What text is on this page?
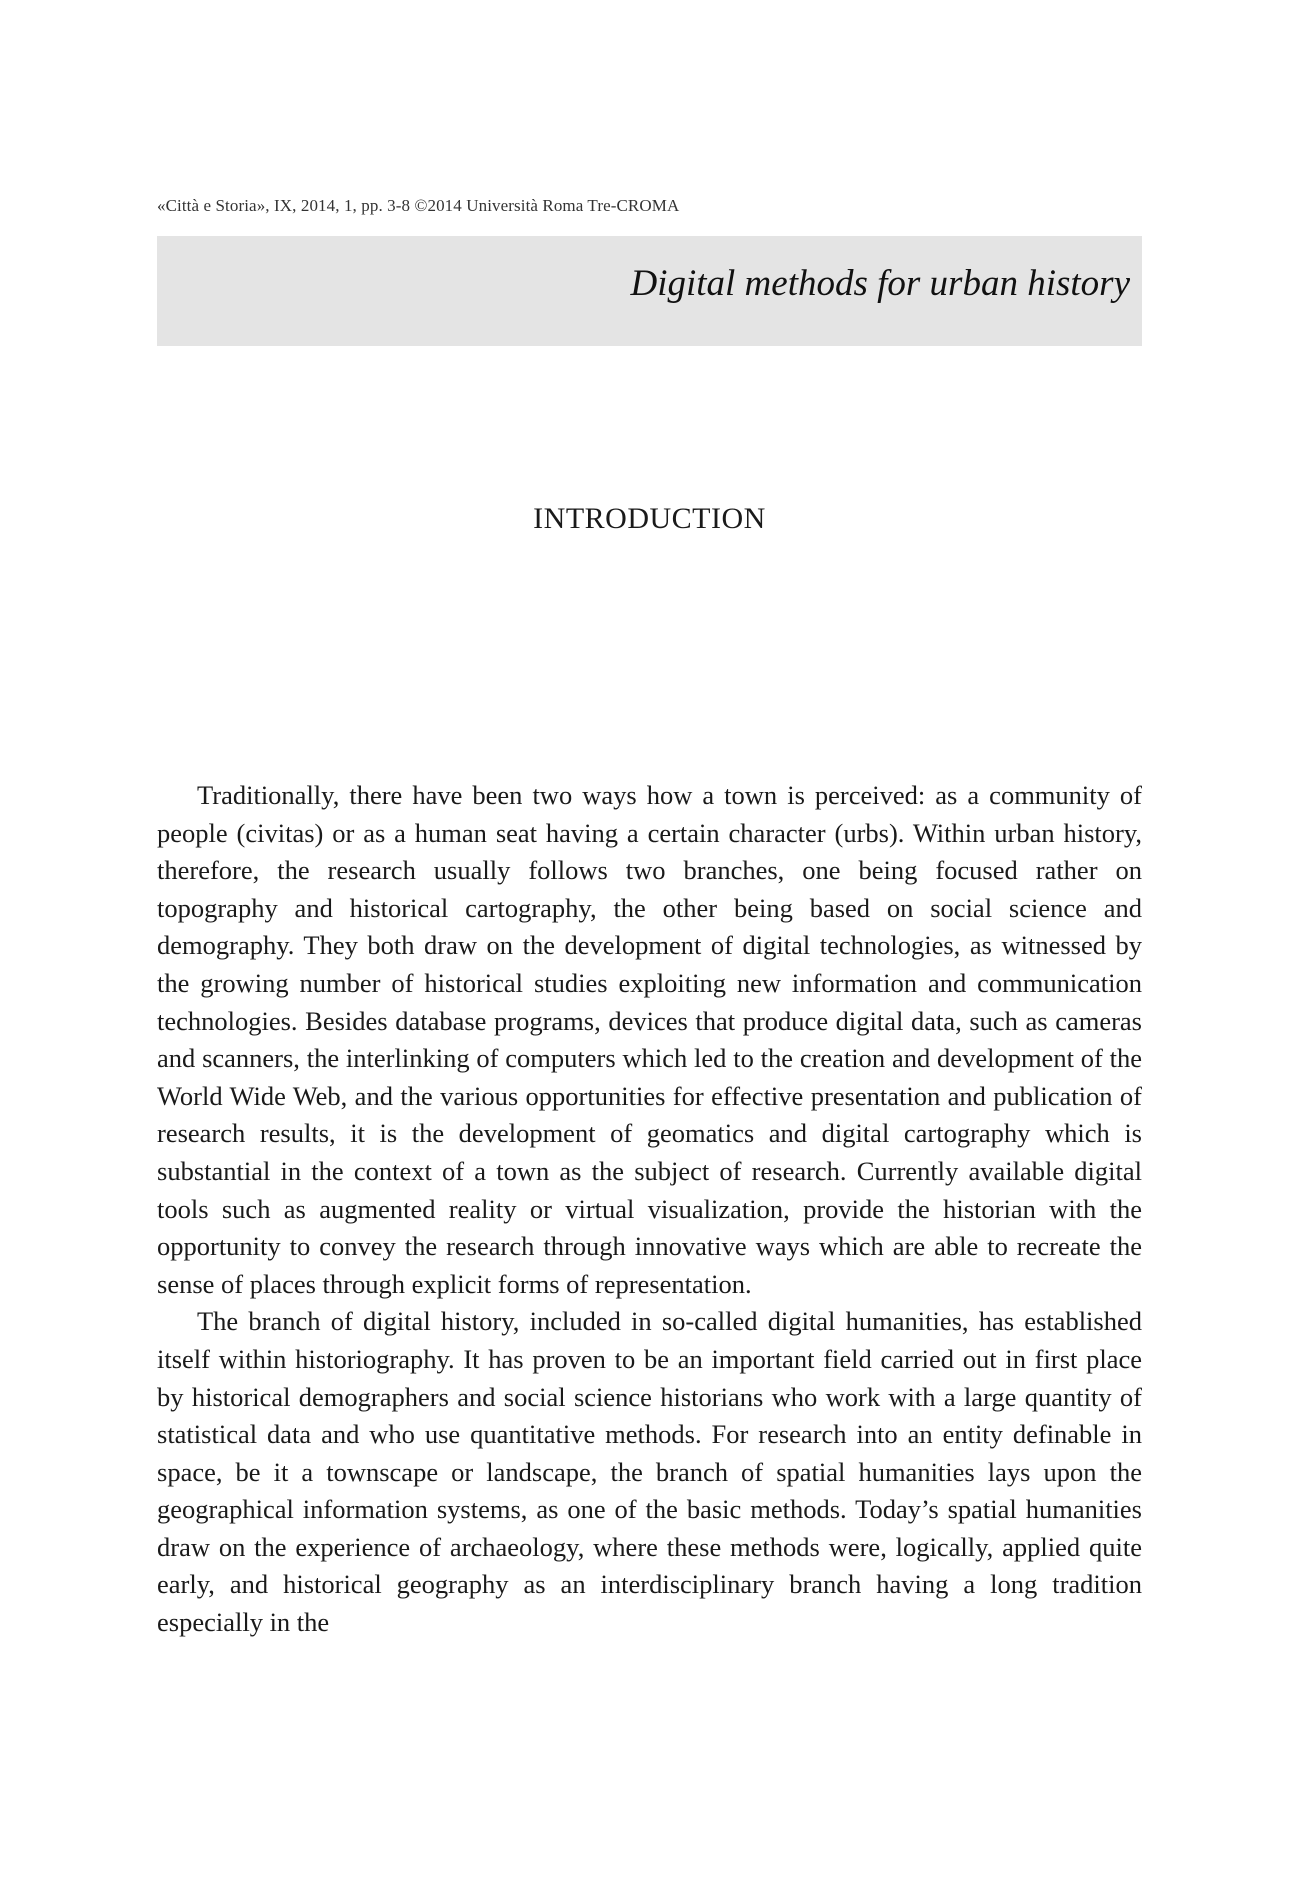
«Città e Storia», IX, 2014, 1, pp. 3-8 ©2014 Università Roma Tre-CROMA
Digital methods for urban history
INTRODUCTION

Traditionally, there have been two ways how a town is perceived: as a community of people (civitas) or as a human seat having a certain character (urbs). Within urban history, therefore, the research usually follows two branches, one being focused rather on topography and historical cartography, the other being based on social science and demography. They both draw on the development of digital technologies, as witnessed by the growing number of historical studies exploiting new information and communication technologies. Besides database programs, devices that produce digital data, such as cameras and scanners, the interlinking of computers which led to the creation and development of the World Wide Web, and the various opportunities for effective presentation and publication of research results, it is the development of geomatics and digital cartography which is substantial in the context of a town as the subject of research. Currently available digital tools such as augmented reality or virtual visualization, provide the historian with the opportunity to convey the research through innovative ways which are able to recreate the sense of places through explicit forms of representation.

The branch of digital history, included in so-called digital humanities, has established itself within historiography. It has proven to be an important field carried out in first place by historical demographers and social science historians who work with a large quantity of statistical data and who use quantitative methods. For research into an entity definable in space, be it a townscape or landscape, the branch of spatial humanities lays upon the geographical information systems, as one of the basic methods. Today’s spatial humanities draw on the experience of archaeology, where these methods were, logically, applied quite early, and historical geography as an interdisciplinary branch having a long tradition especially in the
